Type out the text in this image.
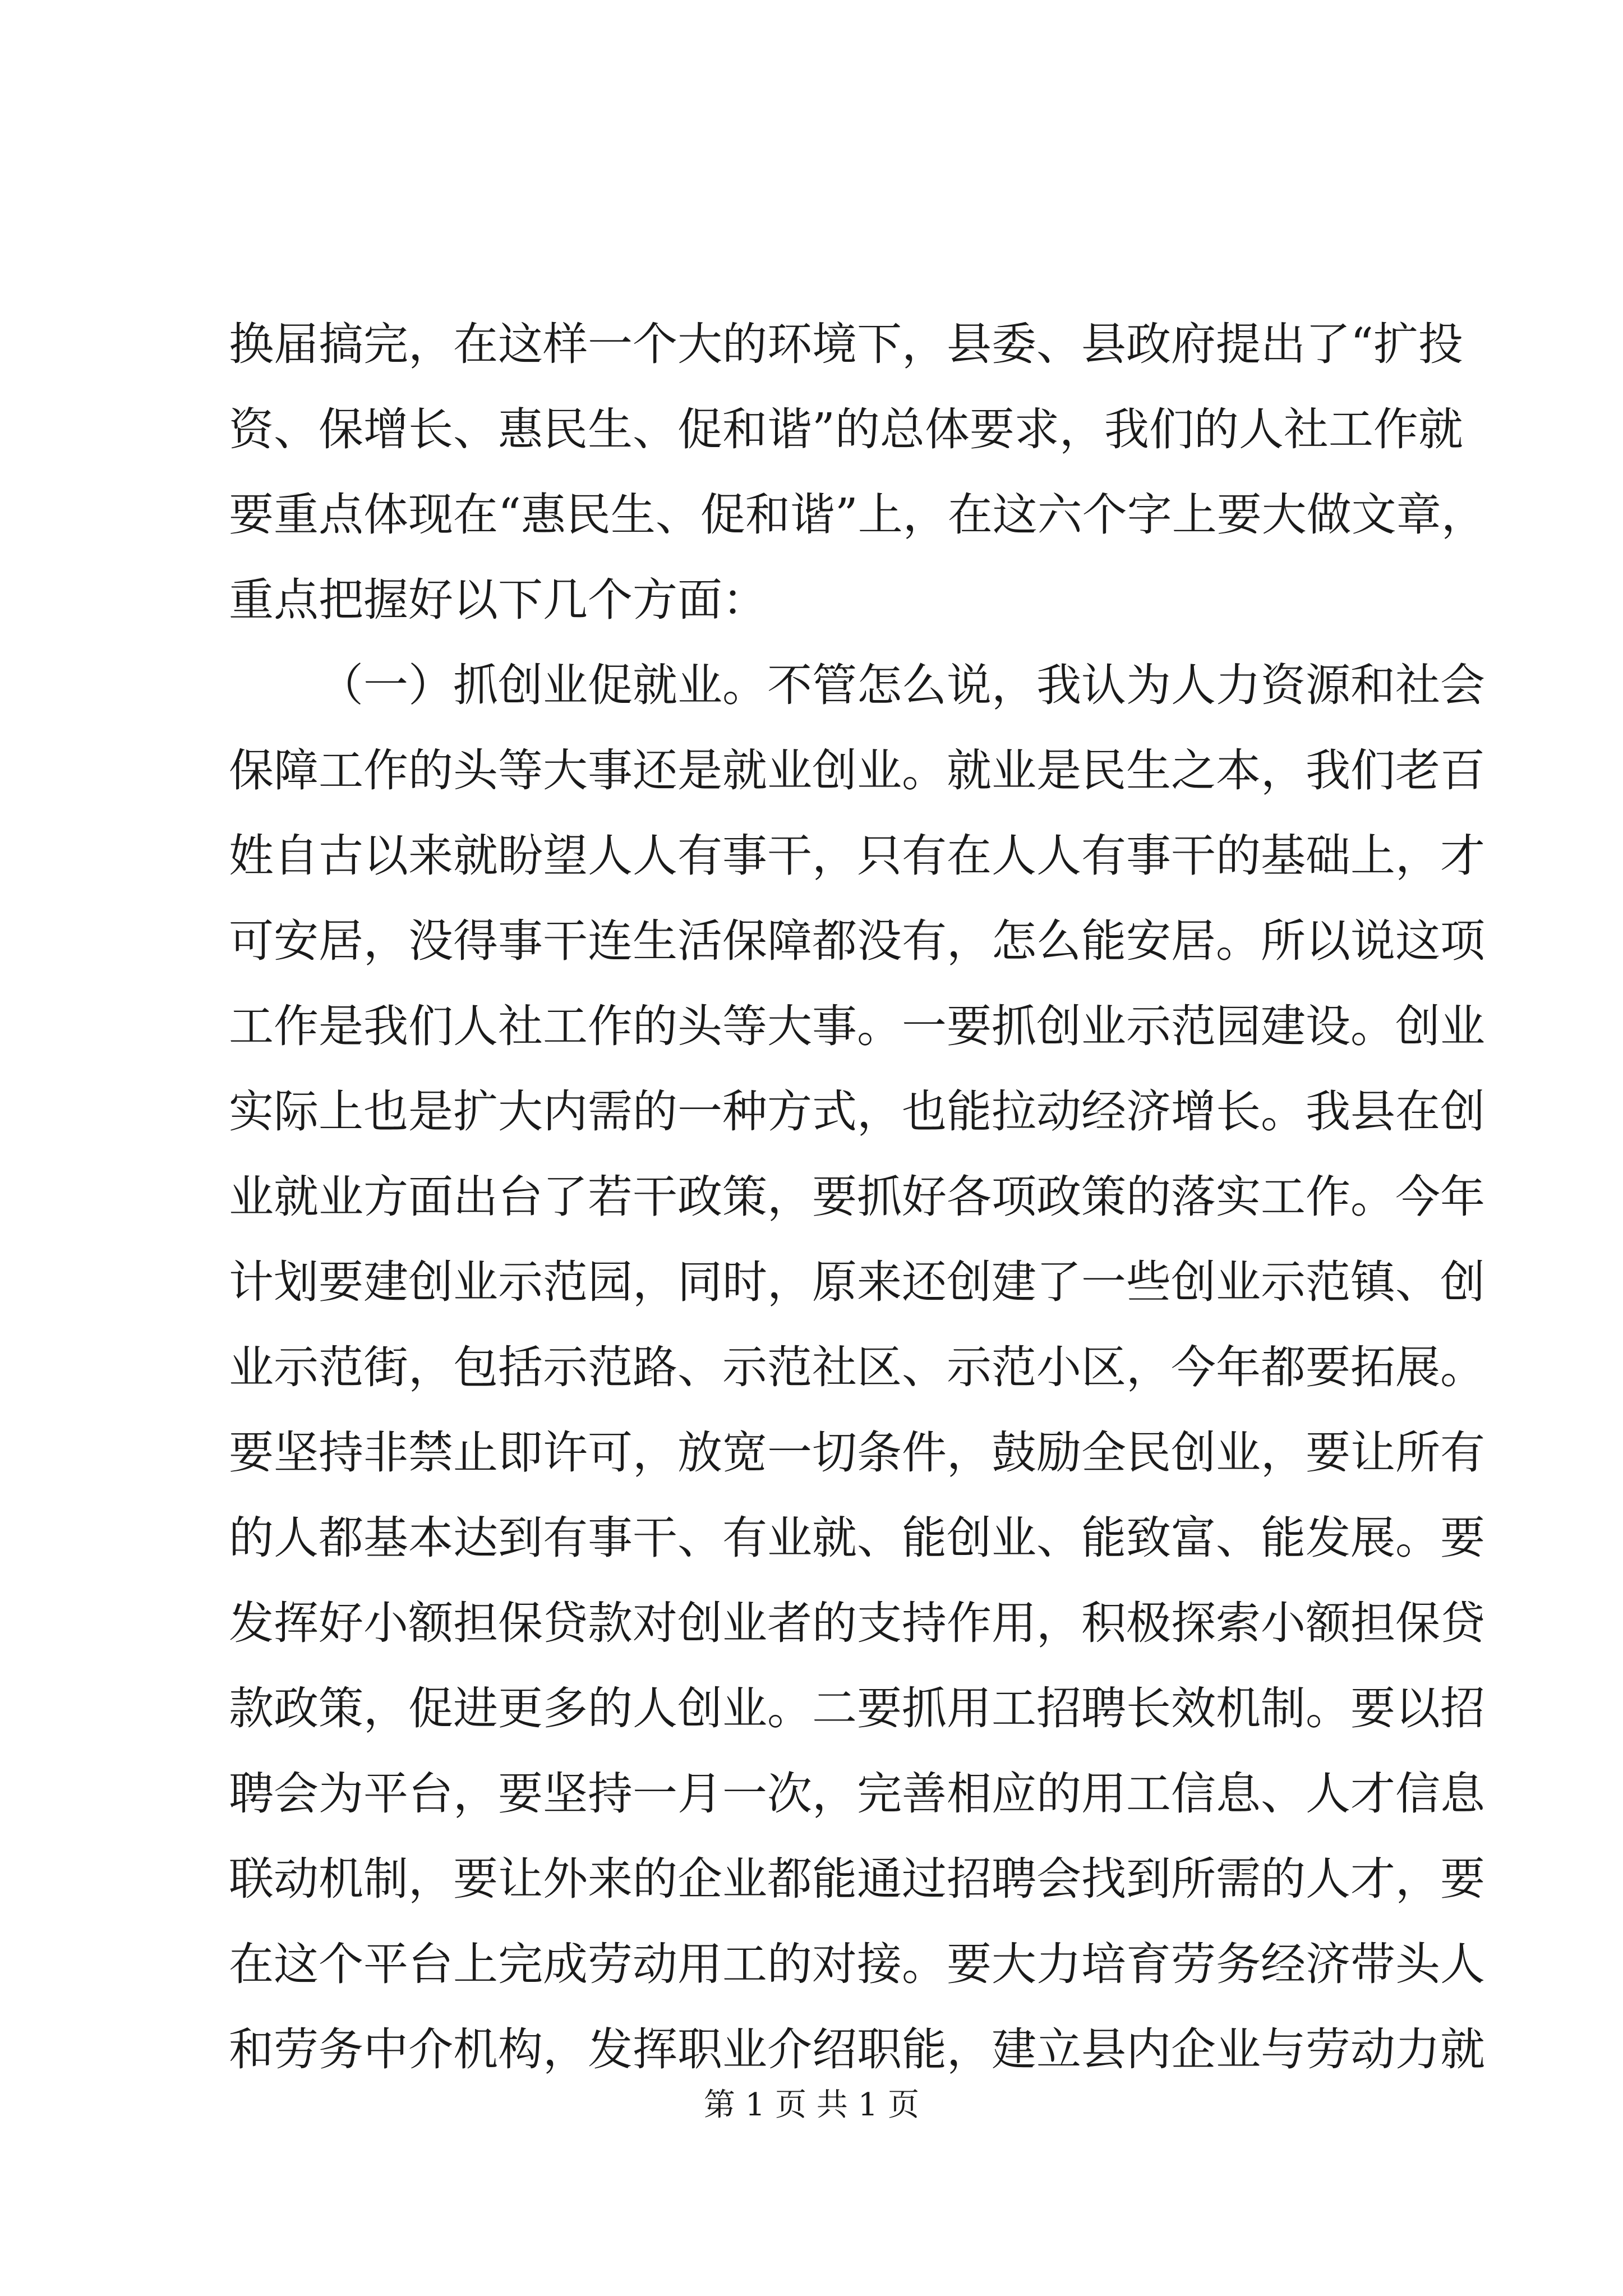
换届搞完，在这样一个大的环境下，县委、县政府提出了“扩投
资、保增长、惠民生、促和谐”的总体要求，我们的人社工作就
要重点体现在“惠民生、促和谐”上，在这六个字上要大做文章，
重点把握好以下几个方面：
（一）抓创业促就业。不管怎么说，我认为人力资源和社会
保障工作的头等大事还是就业创业。就业是民生之本，我们老百
姓自古以来就盼望人人有事干，只有在人人有事干的基础上，才
可安居，没得事干连生活保障都没有，怎么能安居。所以说这项
工作是我们人社工作的头等大事。一要抓创业示范园建设。创业
实际上也是扩大内需的一种方式，也能拉动经济增长。我县在创
业就业方面出台了若干政策，要抓好各项政策的落实工作。今年
计划要建创业示范园，同时，原来还创建了一些创业示范镇、创
业示范街，包括示范路、示范社区、示范小区，今年都要拓展。
要坚持非禁止即许可，放宽一切条件，鼓励全民创业，要让所有
的人都基本达到有事干、有业就、能创业、能致富、能发展。要
发挥好小额担保贷款对创业者的支持作用，积极探索小额担保贷
款政策，促进更多的人创业。二要抓用工招聘长效机制。要以招
聘会为平台，要坚持一月一次，完善相应的用工信息、人才信息
联动机制，要让外来的企业都能通过招聘会找到所需的人才，要
在这个平台上完成劳动用工的对接。要大力培育劳务经济带头人
和劳务中介机构，发挥职业介绍职能，建立县内企业与劳动力就
第 1 页 共 1 页
